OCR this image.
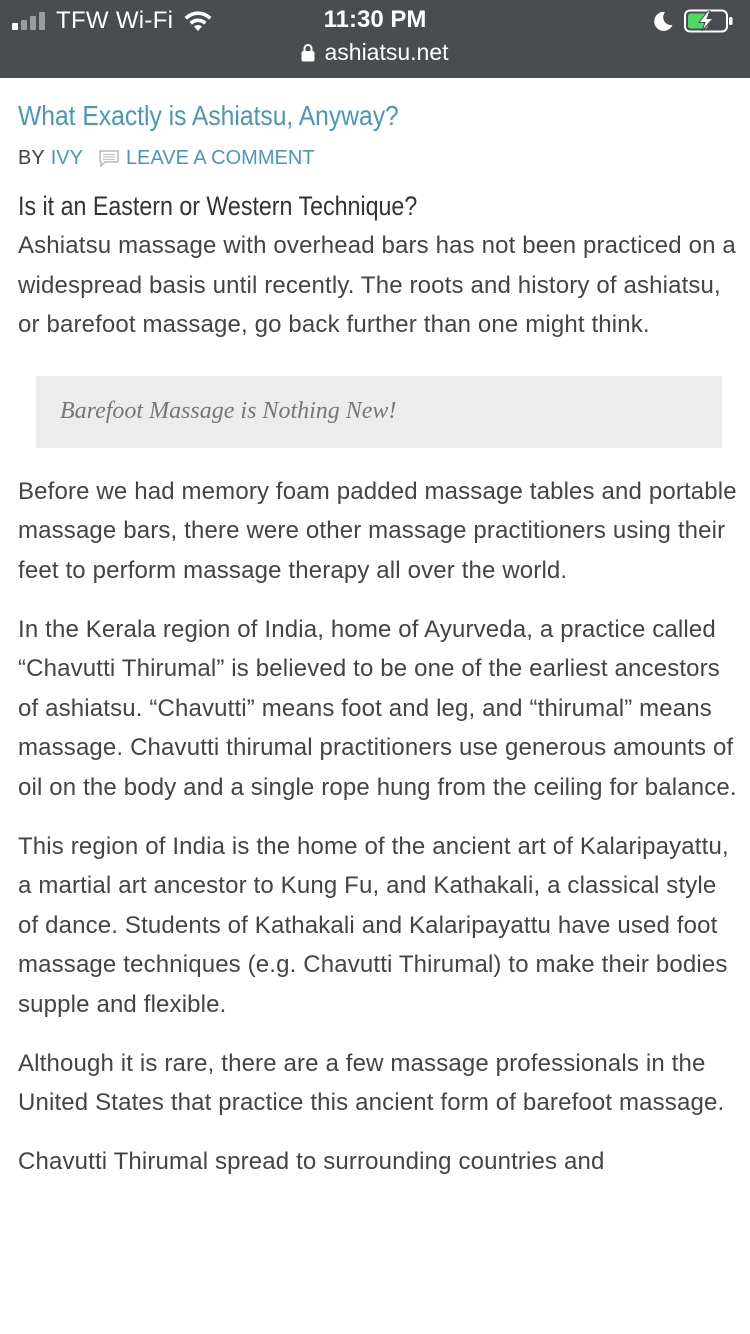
TFW Wi-Fi	11:30 PM
ashiatsu.net
What Exactly is Ashiatsu, Anyway?
BY IVY LEAVE A COMMENT
Is it an Eastern or Western Technique?

Ashiatsu massage with overhead bars has not been practiced on a widespread basis until recently. The roots and history of ashiatsu, or barefoot massage, go back further than one might think.

Barefoot Massage is Nothing New!

Before we had memory foam padded massage tables and portable massage bars, there were other massage practitioners using their feet to perform massage therapy all over the world.

In the Kerala region of India, home of Ayurveda, a practice called “Chavutti Thirumal” is believed to be one of the earliest ancestors of ashiatsu. “Chavutti” means foot and leg, and “thirumal” means massage. Chavutti thirumal practitioners use generous amounts of oil on the body and a single rope hung from the ceiling for balance.

This region of India is the home of the ancient art of Kalaripayattu, a martial art ancestor to Kung Fu, and Kathakali, a classical style of dance. Students of Kathakali and Kalaripayattu have used foot massage techniques (e.g. Chavutti Thirumal) to make their bodies supple and flexible.

Although it is rare, there are a few massage professionals in the United States that practice this ancient form of barefoot massage.

Chavutti Thirumal spread to surrounding countries and
